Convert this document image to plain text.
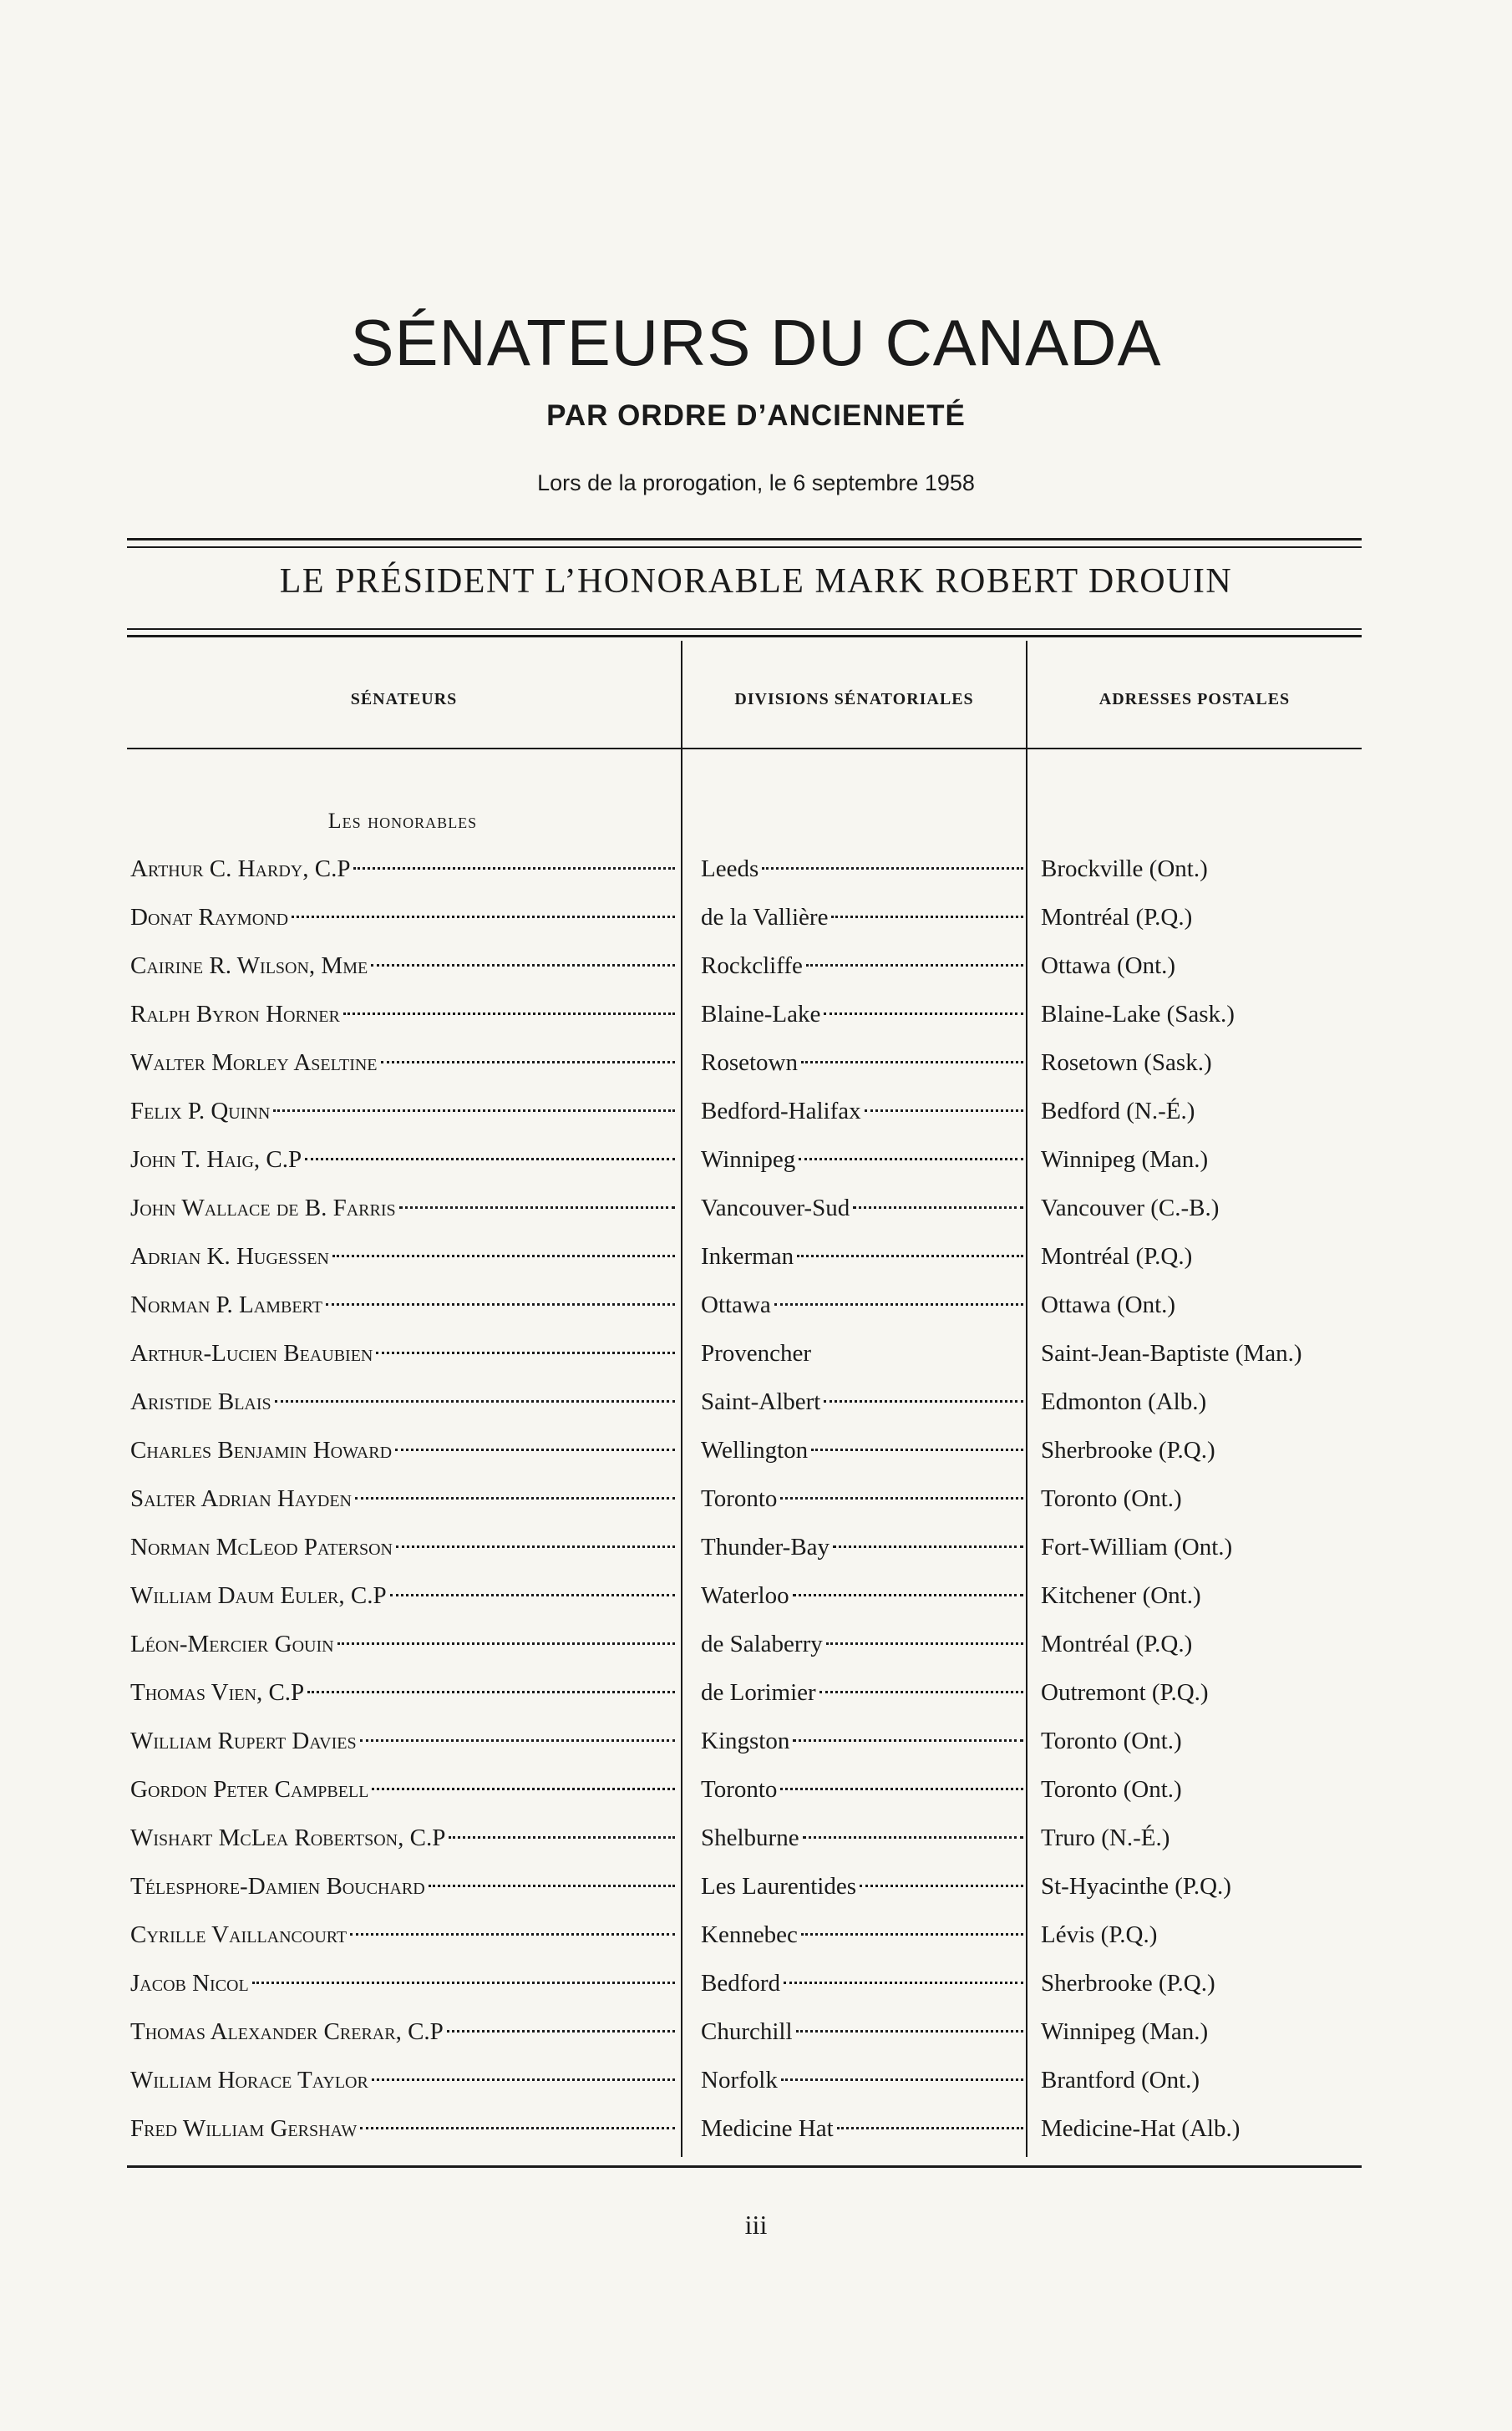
SÉNATEURS DU CANADA
PAR ORDRE D’ANCIENNETÉ

Lors de la prorogation, le 6 septembre 1958

LE PRÉSIDENT L’HONORABLE MARK ROBERT DROUIN

SÉNATEURS	DIVISIONS SÉNATORIALES	ADRESSES POSTALES
Les honorables
Arthur C. Hardy, C.P	Leeds	Brockville (Ont.)
Donat Raymond	de la Vallière	Montréal (P.Q.)
Cairine R. Wilson, Mme	Rockcliffe	Ottawa (Ont.)
Ralph Byron Horner	Blaine-Lake	Blaine-Lake (Sask.)
Walter Morley Aseltine	Rosetown	Rosetown (Sask.)
Felix P. Quinn	Bedford-Halifax	Bedford (N.-É.)
John T. Haig, C.P	Winnipeg	Winnipeg (Man.)
John Wallace de B. Farris	Vancouver-Sud	Vancouver (C.-B.)
Adrian K. Hugessen	Inkerman	Montréal (P.Q.)
Norman P. Lambert	Ottawa	Ottawa (Ont.)
Arthur-Lucien Beaubien	Provencher	Saint-Jean-Baptiste (Man.)
Aristide Blais	Saint-Albert	Edmonton (Alb.)
Charles Benjamin Howard	Wellington	Sherbrooke (P.Q.)
Salter Adrian Hayden	Toronto	Toronto (Ont.)
Norman McLeod Paterson	Thunder-Bay	Fort-William (Ont.)
William Daum Euler, C.P	Waterloo	Kitchener (Ont.)
Léon-Mercier Gouin	de Salaberry	Montréal (P.Q.)
Thomas Vien, C.P	de Lorimier	Outremont (P.Q.)
William Rupert Davies	Kingston	Toronto (Ont.)
Gordon Peter Campbell	Toronto	Toronto (Ont.)
Wishart McLea Robertson, C.P	Shelburne	Truro (N.-É.)
Télesphore-Damien Bouchard	Les Laurentides	St-Hyacinthe (P.Q.)
Cyrille Vaillancourt	Kennebec	Lévis (P.Q.)
Jacob Nicol	Bedford	Sherbrooke (P.Q.)
Thomas Alexander Crerar, C.P	Churchill	Winnipeg (Man.)
William Horace Taylor	Norfolk	Brantford (Ont.)
Fred William Gershaw	Medicine Hat	Medicine-Hat (Alb.)

iii
